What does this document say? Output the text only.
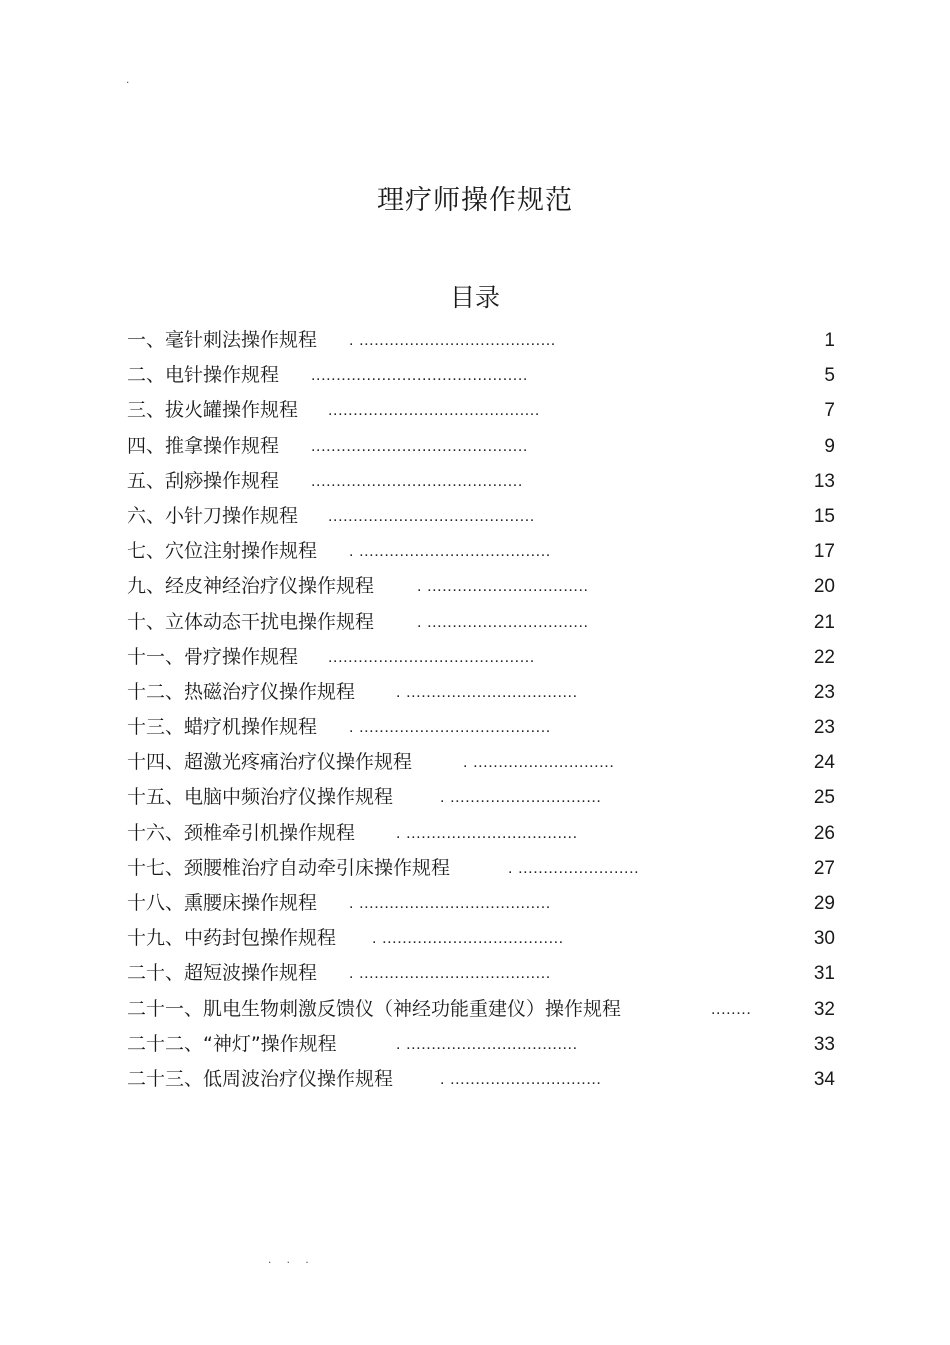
.
理疗师操作规范
目录
一、毫针刺法操作规程 . .......................................	1
二、电针操作规程 ...........................................	5
三、拔火罐操作规程 ..........................................	7
四、推拿操作规程 ...........................................	9
五、刮痧操作规程 ..........................................	13
六、小针刀操作规程 .........................................	15
七、穴位注射操作规程 . ......................................	17
九、经皮神经治疗仪操作规程	. ................................	20
十、立体动态干扰电操作规程	. ................................	21
十一、骨疗操作规程 .........................................	22
十二、热磁治疗仪操作规程	. ..................................	23
十三、蜡疗机操作规程 . ......................................	23
十四、超激光疼痛治疗仪操作规程	. ............................	24
十五、电脑中频治疗仪操作规程	. ..............................	25
十六、颈椎牵引机操作规程	. ..................................	26
十七、颈腰椎治疗自动牵引床操作规程	. ........................	27
十八、熏腰床操作规程 . ......................................	29
十九、中药封包操作规程 . ....................................	30
二十、超短波操作规程 . ......................................	31
二十一、肌电生物刺激反馈仪（神经功能重建仪）操作规程	........	32
二十二、“神灯”操作规程	. ..................................	33
二十三、低周波治疗仪操作规程	. ..............................	34
. . .
